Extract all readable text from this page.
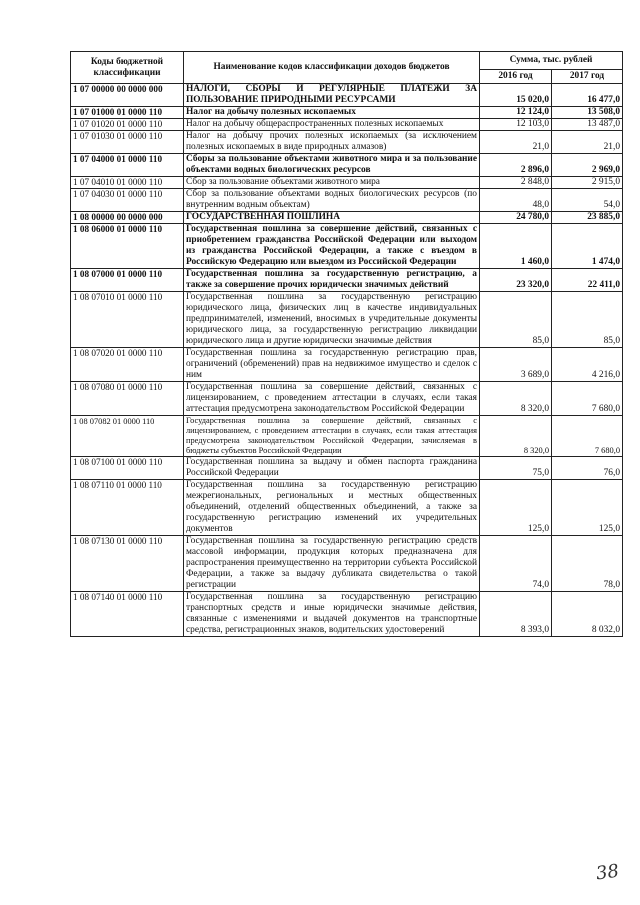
Коды бюджетной классификации	Наименование кодов классификации доходов бюджетов	Сумма, тыс. рублей	
		2016 год	2017 год
1 07 00000 00 0000 000	НАЛОГИ, СБОРЫ И РЕГУЛЯРНЫЕ ПЛАТЕЖИ ЗА ПОЛЬЗОВАНИЕ ПРИРОДНЫМИ РЕСУРСАМИ	15 020,0	16 477,0
1 07 01000 01 0000 110	Налог на добычу полезных ископаемых	12 124,0	13 508,0
1 07 01020 01 0000 110	Налог на добычу общераспространенных полезных ископаемых	12 103,0	13 487,0
1 07 01030 01 0000 110	Налог на добычу прочих полезных ископаемых (за исключением полезных ископаемых в виде природных алмазов)	21,0	21,0
1 07 04000 01 0000 110	Сборы за пользование объектами животного мира и за пользование объектами водных биологических ресурсов	2 896,0	2 969,0
1 07 04010 01 0000 110	Сбор за пользование объектами животного мира	2 848,0	2 915,0
1 07 04030 01 0000 110	Сбор за пользование объектами водных биологических ресурсов (по внутренним водным объектам)	48,0	54,0
1 08 00000 00 0000 000	ГОСУДАРСТВЕННАЯ ПОШЛИНА	24 780,0	23 885,0
1 08 06000 01 0000 110	Государственная пошлина за совершение действий, связанных с приобретением гражданства Российской Федерации или выходом из гражданства Российской Федерации, а также с въездом в Российскую Федерацию или выездом из Российской Федерации	1 460,0	1 474,0
1 08 07000 01 0000 110	Государственная пошлина за государственную регистрацию, а также за совершение прочих юридически значимых действий	23 320,0	22 411,0
1 08 07010 01 0000 110	Государственная пошлина за государственную регистрацию юридического лица, физических лиц в качестве индивидуальных предпринимателей, изменений, вносимых в учредительные документы юридического лица, за государственную регистрацию ликвидации юридического лица и другие юридически значимые действия	85,0	85,0
1 08 07020 01 0000 110	Государственная пошлина за государственную регистрацию прав, ограничений (обременений) прав на недвижимое имущество и сделок с ним	3 689,0	4 216,0
1 08 07080 01 0000 110	Государственная пошлина за совершение действий, связанных с лицензированием, с проведением аттестации в случаях, если такая аттестация предусмотрена законодательством Российской Федерации	8 320,0	7 680,0
1 08 07082 01 0000 110	Государственная пошлина за совершение действий, связанных с лицензированием, с проведением аттестации в случаях, если такая аттестация предусмотрена законодательством Российской Федерации, зачисляемая в бюджеты субъектов Российской Федерации	8 320,0	7 680,0
1 08 07100 01 0000 110	Государственная пошлина за выдачу и обмен паспорта гражданина Российской Федерации	75,0	76,0
1 08 07110 01 0000 110	Государственная пошлина за государственную регистрацию межрегиональных, региональных и местных общественных объединений, отделений общественных объединений, а также за государственную регистрацию изменений их учредительных документов	125,0	125,0
1 08 07130 01 0000 110	Государственная пошлина за государственную регистрацию средств массовой информации, продукция которых предназначена для распространения преимущественно на территории субъекта Российской Федерации, а также за выдачу дубликата свидетельства о такой регистрации	74,0	78,0
1 08 07140 01 0000 110	Государственная пошлина за государственную регистрацию транспортных средств и иные юридически значимые действия, связанные с изменениями и выдачей документов на транспортные средства, регистрационных знаков, водительских удостоверений	8 393,0	8 032,0
38
